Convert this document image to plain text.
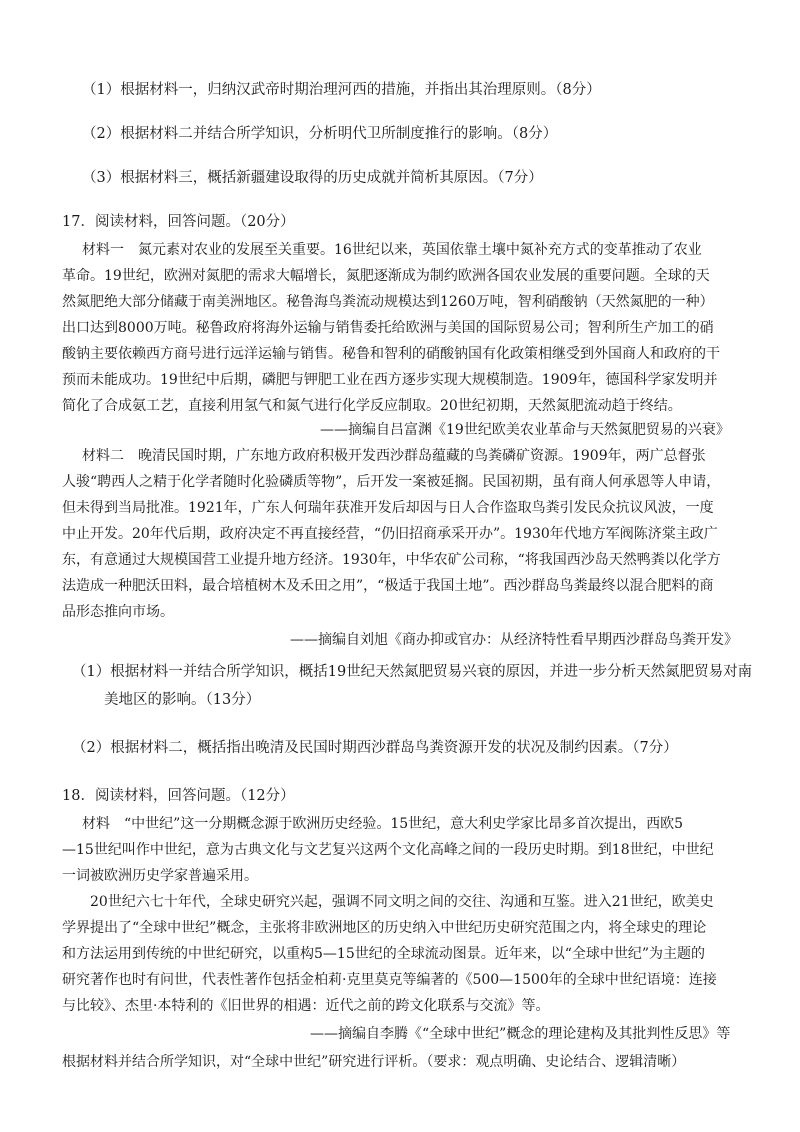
（1）根据材料一，归纳汉武帝时期治理河西的措施，并指出其治理原则。（8分）
（2）根据材料二并结合所学知识，分析明代卫所制度推行的影响。（8分）
（3）根据材料三，概括新疆建设取得的历史成就并简析其原因。（7分）
17．阅读材料，回答问题。（20分）
材料一　氮元素对农业的发展至关重要。16世纪以来，英国依靠土壤中氮补充方式的变革推动了农业
革命。19世纪，欧洲对氮肥的需求大幅增长，氮肥逐渐成为制约欧洲各国农业发展的重要问题。全球的天
然氮肥绝大部分储藏于南美洲地区。秘鲁海鸟粪流动规模达到1260万吨，智利硝酸钠（天然氮肥的一种）
出口达到8000万吨。秘鲁政府将海外运输与销售委托给欧洲与美国的国际贸易公司；智利所生产加工的硝
酸钠主要依赖西方商号进行远洋运输与销售。秘鲁和智利的硝酸钠国有化政策相继受到外国商人和政府的干
预而未能成功。19世纪中后期，磷肥与钾肥工业在西方逐步实现大规模制造。1909年，德国科学家发明并
简化了合成氨工艺，直接利用氢气和氮气进行化学反应制取。20世纪初期，天然氮肥流动趋于终结。
——摘编自吕富渊《19世纪欧美农业革命与天然氮肥贸易的兴衰》
材料二　晚清民国时期，广东地方政府积极开发西沙群岛蕴藏的鸟粪磷矿资源。1909年，两广总督张
人骏“聘西人之精于化学者随时化验磷质等物”，后开发一案被延搁。民国初期，虽有商人何承恩等人申请，
但未得到当局批准。1921年，广东人何瑞年获准开发后却因与日人合作盗取鸟粪引发民众抗议风波，一度
中止开发。20年代后期，政府决定不再直接经营，“仍旧招商承采开办”。1930年代地方军阀陈济棠主政广
东，有意通过大规模国营工业提升地方经济。1930年，中华农矿公司称，“将我国西沙岛天然鸭粪以化学方
法造成一种肥沃田料，最合培植树木及禾田之用”，“极适于我国土地”。西沙群岛鸟粪最终以混合肥料的商
品形态推向市场。
——摘编自刘旭《商办抑或官办：从经济特性看早期西沙群岛鸟粪开发》
（1）根据材料一并结合所学知识，概括19世纪天然氮肥贸易兴衰的原因，并进一步分析天然氮肥贸易对南
美地区的影响。（13分）
（2）根据材料二，概括指出晚清及民国时期西沙群岛鸟粪资源开发的状况及制约因素。（7分）
18．阅读材料，回答问题。（12分）
材料　“中世纪”这一分期概念源于欧洲历史经验。15世纪，意大利史学家比昂多首次提出，西欧5
—15世纪叫作中世纪，意为古典文化与文艺复兴这两个文化高峰之间的一段历史时期。到18世纪，中世纪
一词被欧洲历史学家普遍采用。
　　20世纪六七十年代，全球史研究兴起，强调不同文明之间的交往、沟通和互鉴。进入21世纪，欧美史
学界提出了“全球中世纪”概念，主张将非欧洲地区的历史纳入中世纪历史研究范围之内，将全球史的理论
和方法运用到传统的中世纪研究，以重构5—15世纪的全球流动图景。近年来，以“全球中世纪”为主题的
研究著作也时有问世，代表性著作包括金柏莉·克里莫克等编著的《500—1500年的全球中世纪语境：连接
与比较》、杰里·本特利的《旧世界的相遇：近代之前的跨文化联系与交流》等。
——摘编自李腾《“全球中世纪”概念的理论建构及其批判性反思》等
根据材料并结合所学知识，对“全球中世纪”研究进行评析。（要求：观点明确、史论结合、逻辑清晰）
